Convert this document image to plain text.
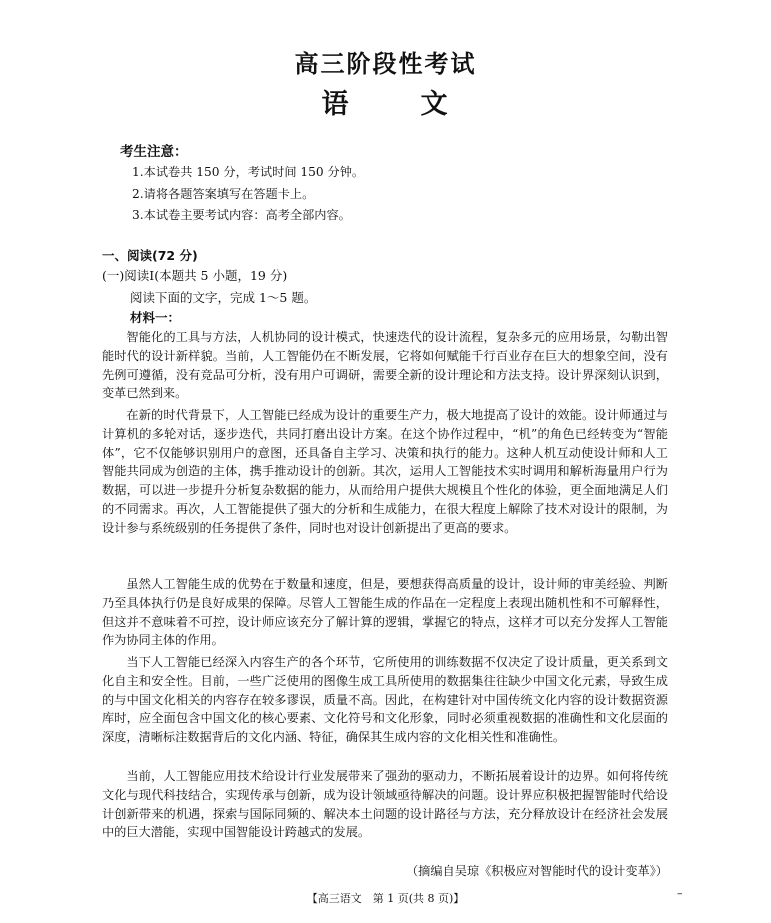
高三阶段性考试
语	文
考生注意：
1.本试卷共 150 分，考试时间 150 分钟。
2.请将各题答案填写在答题卡上。
3.本试卷主要考试内容：高考全部内容。
一、阅读(72 分)
(一)阅读Ⅰ(本题共 5 小题，19 分)
阅读下面的文字，完成 1～5 题。
材料一：

智能化的工具与方法，人机协同的设计模式，快速迭代的设计流程，复杂多元的应用场景，勾勒出智能时代的设计新样貌。当前，人工智能仍在不断发展，它将如何赋能千行百业存在巨大的想象空间，没有先例可遵循，没有竞品可分析，没有用户可调研，需要全新的设计理论和方法支持。设计界深刻认识到，变革已然到来。

在新的时代背景下，人工智能已经成为设计的重要生产力，极大地提高了设计的效能。设计师通过与计算机的多轮对话，逐步迭代，共同打磨出设计方案。在这个协作过程中，“机”的角色已经转变为“智能体”，它不仅能够识别用户的意图，还具备自主学习、决策和执行的能力。这种人机互动使设计师和人工智能共同成为创造的主体，携手推动设计的创新。其次，运用人工智能技术实时调用和解析海量用户行为数据，可以进一步提升分析复杂数据的能力，从而给用户提供大规模且个性化的体验，更全面地满足人们的不同需求。再次，人工智能提供了强大的分析和生成能力，在很大程度上解除了技术对设计的限制，为设计参与系统级别的任务提供了条件，同时也对设计创新提出了更高的要求。

虽然人工智能生成的优势在于数量和速度，但是，要想获得高质量的设计，设计师的审美经验、判断乃至具体执行仍是良好成果的保障。尽管人工智能生成的作品在一定程度上表现出随机性和不可解释性，但这并不意味着不可控，设计师应该充分了解计算的逻辑，掌握它的特点，这样才可以充分发挥人工智能作为协同主体的作用。

当下人工智能已经深入内容生产的各个环节，它所使用的训练数据不仅决定了设计质量，更关系到文化自主和安全性。目前，一些广泛使用的图像生成工具所使用的数据集往往缺少中国文化元素，导致生成的与中国文化相关的内容存在较多谬误，质量不高。因此，在构建针对中国传统文化内容的设计数据资源库时，应全面包含中国文化的核心要素、文化符号和文化形象，同时必须重视数据的准确性和文化层面的深度，清晰标注数据背后的文化内涵、特征，确保其生成内容的文化相关性和准确性。

当前，人工智能应用技术给设计行业发展带来了强劲的驱动力，不断拓展着设计的边界。如何将传统文化与现代科技结合，实现传承与创新，成为设计领域亟待解决的问题。设计界应积极把握智能时代给设计创新带来的机遇，探索与国际同频的、解决本土问题的设计路径与方法，充分释放设计在经济社会发展中的巨大潜能，实现中国智能设计跨越式的发展。

（摘编自吴琼《积极应对智能时代的设计变革》）
【高三语文　第 1 页(共 8 页)】	–
